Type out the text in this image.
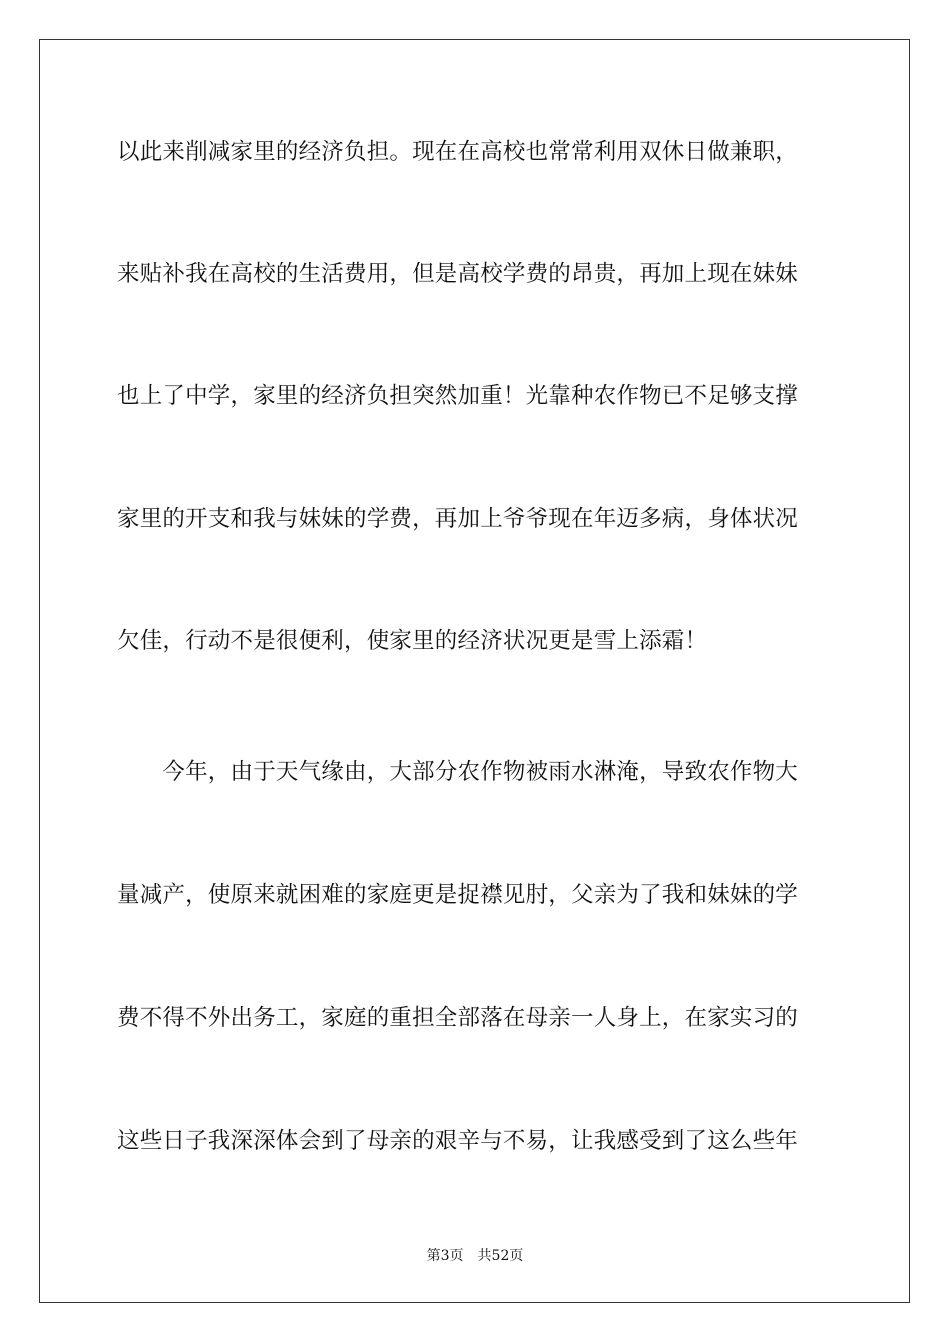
以此来削减家里的经济负担。现在在高校也常常利用双休日做兼职，
来贴补我在高校的生活费用，但是高校学费的昂贵，再加上现在妹妹
也上了中学，家里的经济负担突然加重！光靠种农作物已不足够支撑
家里的开支和我与妹妹的学费，再加上爷爷现在年迈多病，身体状况
欠佳，行动不是很便利，使家里的经济状况更是雪上添霜！
　　今年，由于天气缘由，大部分农作物被雨水淋淹，导致农作物大
量减产，使原来就困难的家庭更是捉襟见肘，父亲为了我和妹妹的学
费不得不外出务工，家庭的重担全部落在母亲一人身上，在家实习的
这些日子我深深体会到了母亲的艰辛与不易，让我感受到了这么些年
第3页 共52页
